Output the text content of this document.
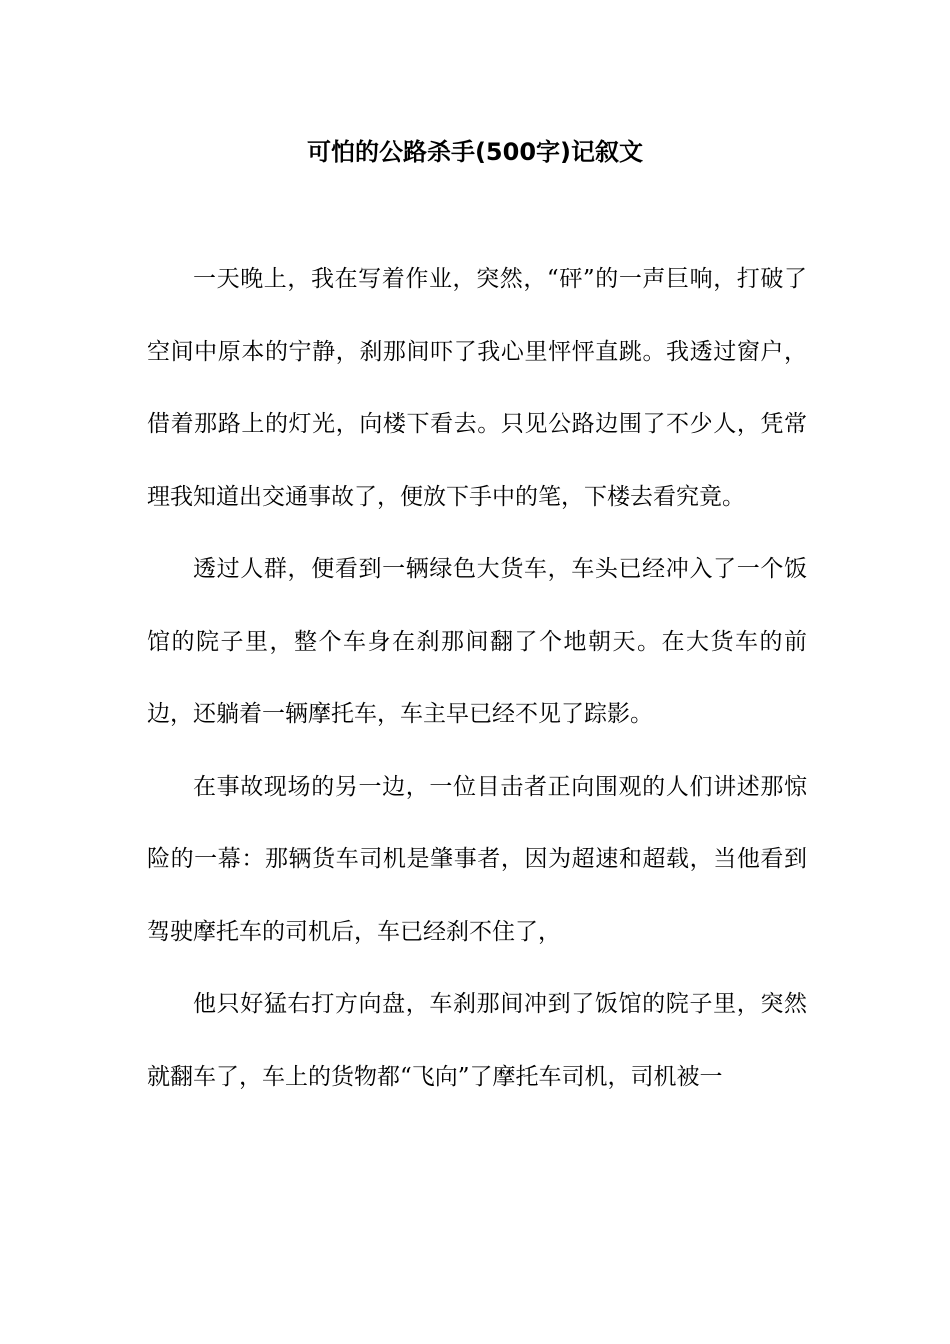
可怕的公路杀手(500字)记叙文

一天晚上，我在写着作业，突然，“砰”的一声巨响，打破了空间中原本的宁静，刹那间吓了我心里怦怦直跳。我透过窗户，借着那路上的灯光，向楼下看去。只见公路边围了不少人，凭常理我知道出交通事故了，便放下手中的笔，下楼去看究竟。

透过人群，便看到一辆绿色大货车，车头已经冲入了一个饭馆的院子里，整个车身在刹那间翻了个地朝天。在大货车的前边，还躺着一辆摩托车，车主早已经不见了踪影。

在事故现场的另一边，一位目击者正向围观的人们讲述那惊险的一幕：那辆货车司机是肇事者，因为超速和超载，当他看到驾驶摩托车的司机后，车已经刹不住了，

他只好猛右打方向盘，车刹那间冲到了饭馆的院子里，突然就翻车了，车上的货物都“飞向”了摩托车司机，司机被一
